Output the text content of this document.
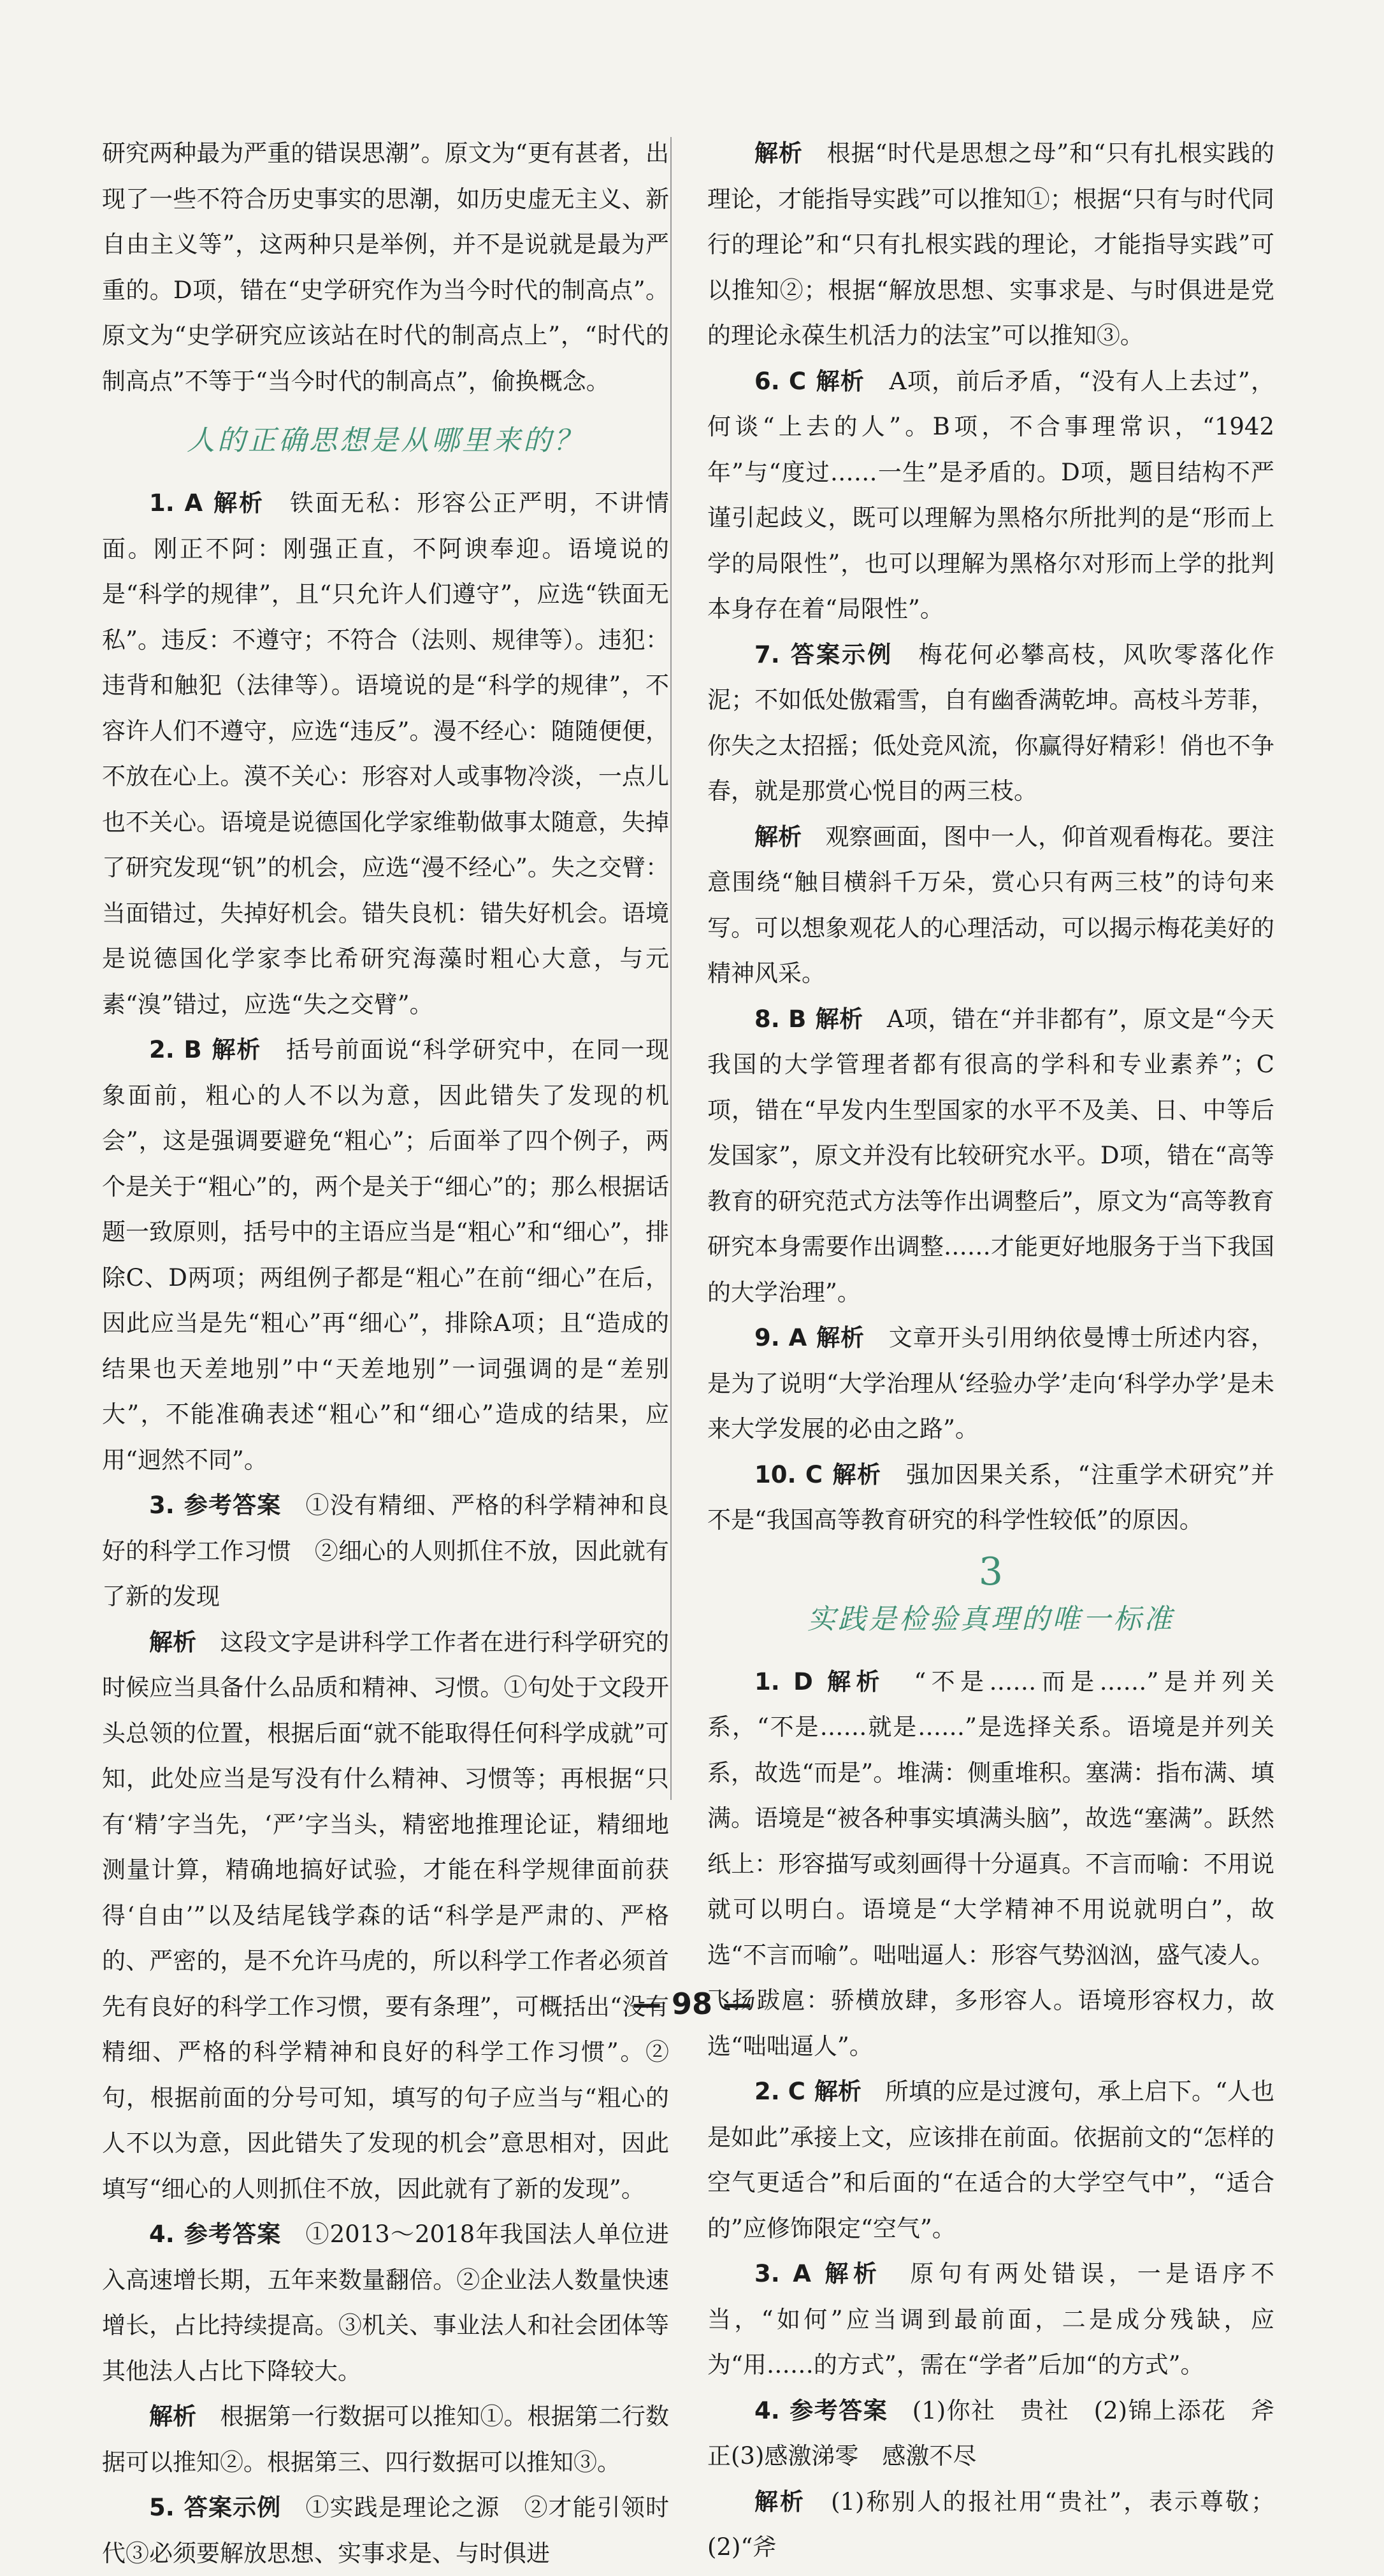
研究两种最为严重的错误思潮”。原文为“更有甚者，出现了一些不符合历史事实的思潮，如历史虚无主义、新自由主义等”，这两种只是举例，并不是说就是最为严重的。D项，错在“史学研究作为当今时代的制高点”。原文为“史学研究应该站在时代的制高点上”，“时代的制高点”不等于“当今时代的制高点”，偷换概念。

人的正确思想是从哪里来的？

1. A 解析　 铁面无私：形容公正严明，不讲情面。刚正不阿：刚强正直，不阿谀奉迎。语境说的是“科学的规律”，且“只允许人们遵守”，应选“铁面无私”。违反：不遵守；不符合（法则、规律等）。违犯：违背和触犯（法律等）。语境说的是“科学的规律”，不容许人们不遵守，应选“违反”。漫不经心：随随便便，不放在心上。漠不关心：形容对人或事物冷淡，一点儿也不关心。语境是说德国化学家维勒做事太随意，失掉了研究发现“钒”的机会，应选“漫不经心”。失之交臂：当面错过，失掉好机会。错失良机：错失好机会。语境是说德国化学家李比希研究海藻时粗心大意，与元素“溴”错过，应选“失之交臂”。

2. B 解析　 括号前面说“科学研究中，在同一现象面前，粗心的人不以为意，因此错失了发现的机会”，这是强调要避免“粗心”；后面举了四个例子，两个是关于“粗心”的，两个是关于“细心”的；那么根据话题一致原则，括号中的主语应当是“粗心”和“细心”，排除C、D两项；两组例子都是“粗心”在前“细心”在后，因此应当是先“粗心”再“细心”，排除A项；且“造成的结果也天差地别”中“天差地别”一词强调的是“差别大”，不能准确表述“粗心”和“细心”造成的结果，应用“迥然不同”。

3. 参考答案　 ①没有精细、严格的科学精神和良好的科学工作习惯　②细心的人则抓住不放，因此就有了新的发现

解析　 这段文字是讲科学工作者在进行科学研究的时候应当具备什么品质和精神、习惯。①句处于文段开头总领的位置，根据后面“就不能取得任何科学成就”可知，此处应当是写没有什么精神、习惯等；再根据“只有‘精’字当先，‘严’字当头，精密地推理论证，精细地测量计算，精确地搞好试验，才能在科学规律面前获得‘自由’”以及结尾钱学森的话“科学是严肃的、严格的、严密的，是不允许马虎的，所以科学工作者必须首先有良好的科学工作习惯，要有条理”，可概括出“没有精细、严格的科学精神和良好的科学工作习惯”。②句，根据前面的分号可知，填写的句子应当与“粗心的人不以为意，因此错失了发现的机会”意思相对，因此填写“细心的人则抓住不放，因此就有了新的发现”。

4. 参考答案　 ①2013～2018年我国法人单位进入高速增长期，五年来数量翻倍。②企业法人数量快速增长，占比持续提高。③机关、事业法人和社会团体等其他法人占比下降较大。

解析　 根据第一行数据可以推知①。根据第二行数据可以推知②。根据第三、四行数据可以推知③。

5. 答案示例　 ①实践是理论之源　②才能引领时代③必须要解放思想、实事求是、与时俱进

解析　 根据“时代是思想之母”和“只有扎根实践的理论，才能指导实践”可以推知①；根据“只有与时代同行的理论”和“只有扎根实践的理论，才能指导实践”可以推知②；根据“解放思想、实事求是、与时俱进是党的理论永葆生机活力的法宝”可以推知③。

6. C 解析　 A项，前后矛盾，“没有人上去过”，何谈“上去的人”。B项，不合事理常识，“1942年”与“度过……一生”是矛盾的。D项，题目结构不严谨引起歧义，既可以理解为黑格尔所批判的是“形而上学的局限性”，也可以理解为黑格尔对形而上学的批判本身存在着“局限性”。

7. 答案示例　 梅花何必攀高枝，风吹零落化作泥；不如低处傲霜雪，自有幽香满乾坤。高枝斗芳菲，你失之太招摇；低处竞风流，你赢得好精彩！俏也不争春，就是那赏心悦目的两三枝。

解析　 观察画面，图中一人，仰首观看梅花。要注意围绕“触目横斜千万朵，赏心只有两三枝”的诗句来写。可以想象观花人的心理活动，可以揭示梅花美好的精神风采。

8. B 解析　 A项，错在“并非都有”，原文是“今天我国的大学管理者都有很高的学科和专业素养”；C项，错在“早发内生型国家的水平不及美、日、中等后发国家”，原文并没有比较研究水平。D项，错在“高等教育的研究范式方法等作出调整后”，原文为“高等教育研究本身需要作出调整……才能更好地服务于当下我国的大学治理”。

9. A 解析　 文章开头引用纳依曼博士所述内容，是为了说明“大学治理从‘经验办学’走向‘科学办学’是未来大学发展的必由之路”。

10. C 解析　 强加因果关系，“注重学术研究”并不是“我国高等教育研究的科学性较低”的原因。

3
实践是检验真理的唯一标准

1. D 解析　 “不是……而是……”是并列关系，“不是……就是……”是选择关系。语境是并列关系，故选“而是”。堆满：侧重堆积。塞满：指布满、填满。语境是“被各种事实填满头脑”，故选“塞满”。跃然纸上：形容描写或刻画得十分逼真。不言而喻：不用说就可以明白。语境是“大学精神不用说就明白”，故选“不言而喻”。咄咄逼人：形容气势汹汹，盛气凌人。飞扬跋扈：骄横放肆，多形容人。语境形容权力，故选“咄咄逼人”。

2. C 解析　 所填的应是过渡句，承上启下。“人也是如此”承接上文，应该排在前面。依据前文的“怎样的空气更适合”和后面的“在适合的大学空气中”，“适合的”应修饰限定“空气”。

3. A 解析　 原句有两处错误，一是语序不当，“如何”应当调到最前面，二是成分残缺，应为“用……的方式”，需在“学者”后加“的方式”。

4. 参考答案　 (1)你社　贵社　(2)锦上添花　斧正(3)感激涕零　感激不尽

解析　 (1)称别人的报社用“贵社”，表示尊敬；(2)“斧

— 98 —
